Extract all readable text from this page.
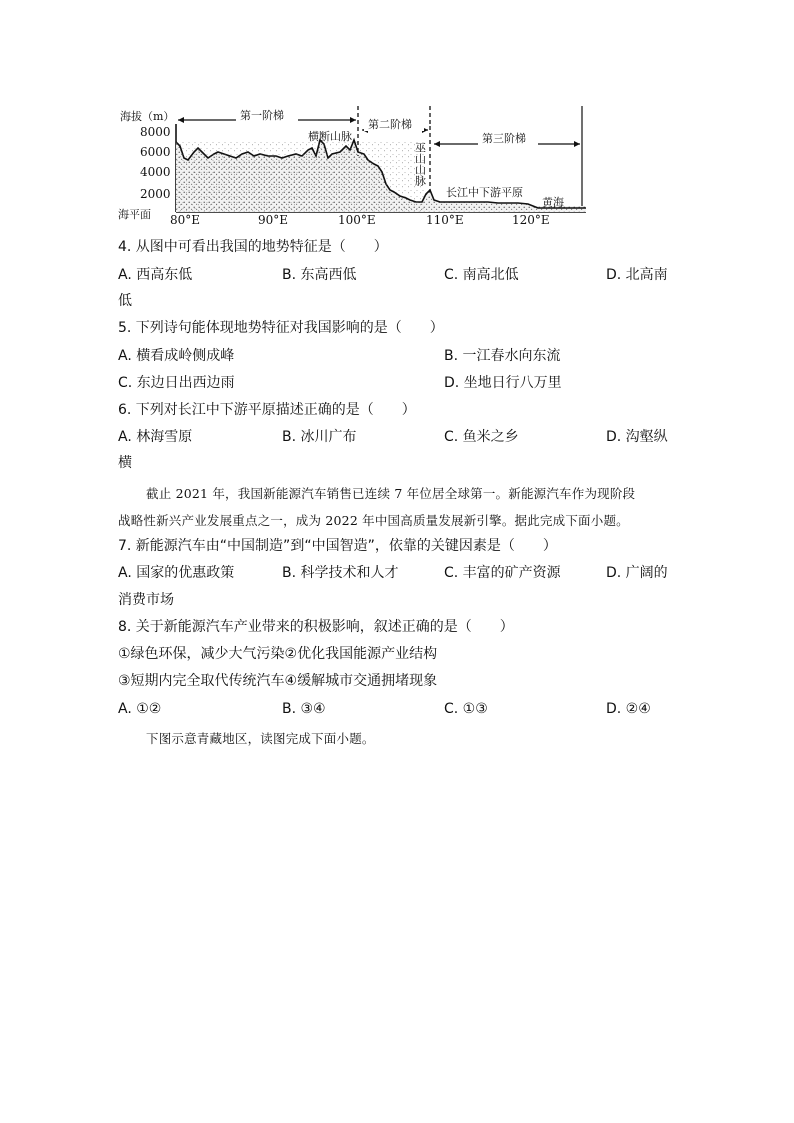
第一阶梯
第二阶梯
第三阶梯
海拔（m）
8000
6000
4000
2000
海平面 80°E	90°E	100°E	110°E	120°E
横断山脉
巫山山脉
长江中下游平原
黄海
4. 从图中可看出我国的地势特征是（　　）
A. 西高东低	B. 东高西低	C. 南高北低	D. 北高南
低
5. 下列诗句能体现地势特征对我国影响的是（　　）
A. 横看成岭侧成峰	B. 一江春水向东流
C. 东边日出西边雨	D. 坐地日行八万里
6. 下列对长江中下游平原描述正确的是（　　）
A. 林海雪原	B. 冰川广布	C. 鱼米之乡	D. 沟壑纵
横
截止 2021 年，我国新能源汽车销售已连续 7 年位居全球第一。新能源汽车作为现阶段
战略性新兴产业发展重点之一，成为 2022 年中国高质量发展新引擎。据此完成下面小题。
7. 新能源汽车由“中国制造”到“中国智造”，依靠的关键因素是（　　）
A. 国家的优惠政策	B. 科学技术和人才	C. 丰富的矿产资源	D. 广阔的
消费市场
8. 关于新能源汽车产业带来的积极影响，叙述正确的是（　　）
①绿色环保，减少大气污染②优化我国能源产业结构
③短期内完全取代传统汽车④缓解城市交通拥堵现象
A. ①②	B. ③④	C. ①③	D. ②④
下图示意青藏地区，读图完成下面小题。
